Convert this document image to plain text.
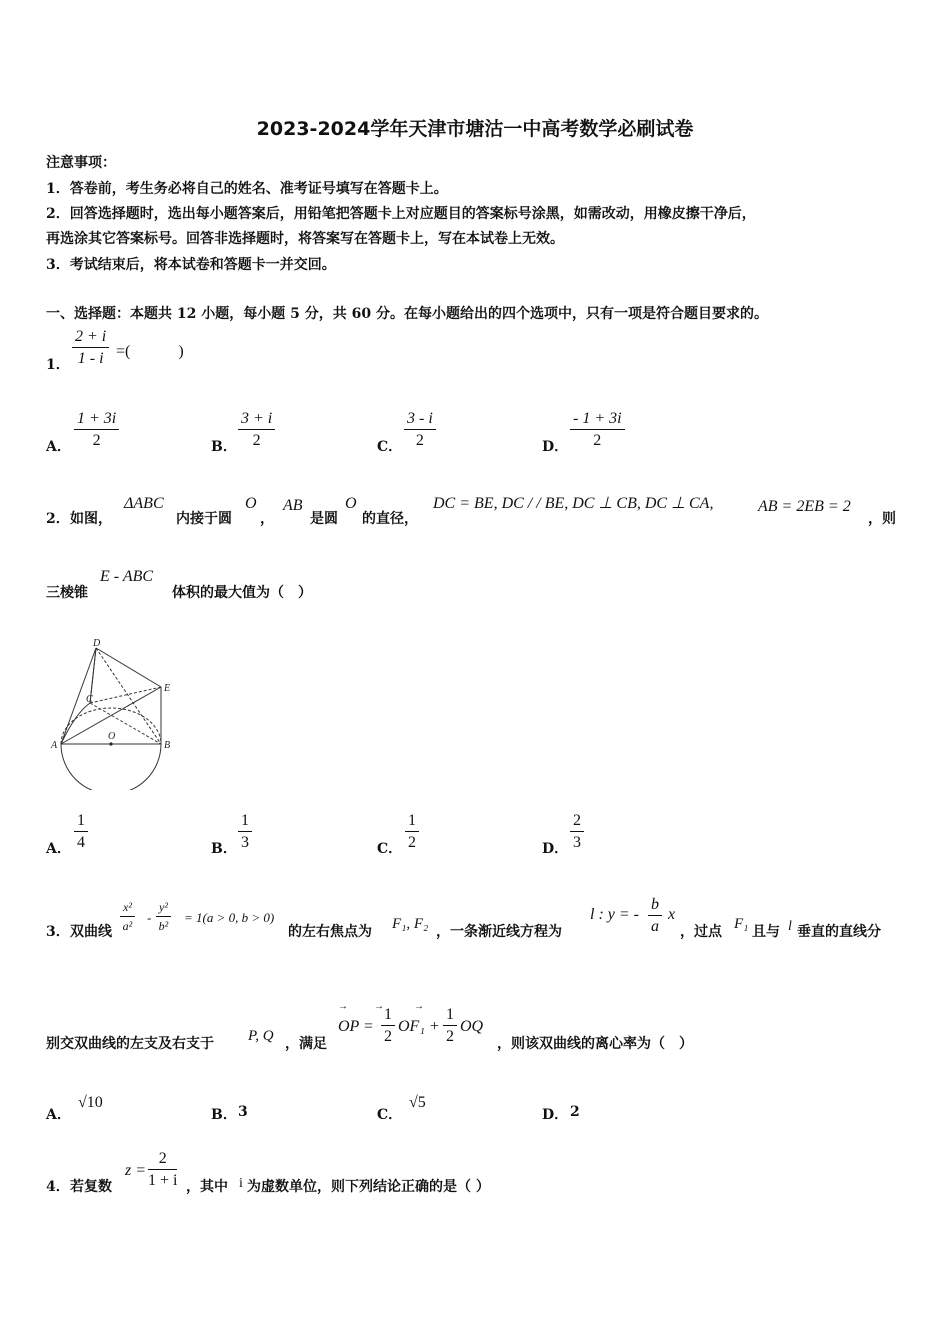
2023-2024学年天津市塘沽一中高考数学必刷试卷
注意事项：
1．答卷前，考生务必将自己的姓名、准考证号填写在答题卡上。
2．回答选择题时，选出每小题答案后，用铅笔把答题卡上对应题目的答案标号涂黑，如需改动，用橡皮擦干净后，
再选涂其它答案标号。回答非选择题时，将答案写在答题卡上，写在本试卷上无效。
3．考试结束后，将本试卷和答题卡一并交回。
一、选择题：本题共 12 小题，每小题 5 分，共 60 分。在每小题给出的四个选项中，只有一项是符合题目要求的。
1． $\frac{2 + i}{1 - i}$ =(　　　)
A． $\frac{1 + 3i}{2}$	B． $\frac{3 + i}{2}$	C． $\frac{3 - i}{2}$	D． $\frac{- 1 + 3i}{2}$
2． 如图，
ΔABC
内接于圆
O
，
AB
是圆
O
的直径，
DC = BE, DC / / BE, DC ⊥ CB, DC ⊥ CA,	AB = 2EB = 2
，则
三棱锥
E - ABC
体积的最大值为（　）
D
E
C
A
O
B
A． $\frac{1}{4}$	B． $\frac{1}{3}$	C． $\frac{1}{2}$	D． $\frac{2}{3}$
3． 双曲线 $\frac{\text{x²}}{\text{a²}} - \frac{\text{y²}}{\text{b²}} = 1(a > 0$, b > 0)
的左右焦点为 F₁, F₂ ，一条渐近线方程为
l : y = - $\frac{b}{a}$ x
，过点 F₁ 且与 l 垂直的直线分
别交双曲线的左支及右支于 P, Q ，满足
→	→	→
OP = $\frac{1}{2} OF_1 + \frac{1}{2}$ OQ
，则该双曲线的离心率为（　）
A．
√10
B． 3	C．
√5
D． 2
4． 若复数
$z = \frac{2}{1 + i}$ ，其中 i 为虚数单位，则下列结论正确的是（ ）
